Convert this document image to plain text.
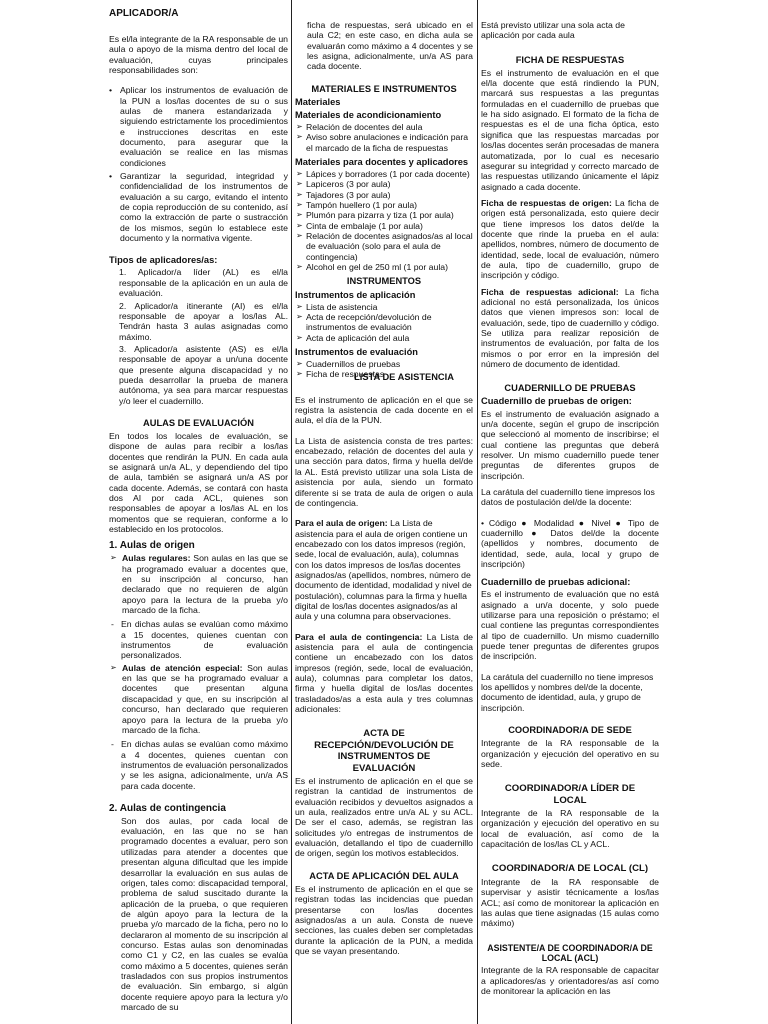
APLICADOR/A

Es el/la integrante de la RA responsable de un aula o apoyo de la misma dentro del local de evaluación, cuyas principales responsabilidades son:

• Aplicar los instrumentos de evaluación de la PUN a los/las docentes de su o sus aulas de manera estandarizada y siguiendo estrictamente los procedimientos e instrucciones descritas en este documento, para asegurar que la evaluación se realice en las mismas condiciones
• Garantizar la seguridad, integridad y confidencialidad de los instrumentos de evaluación a su cargo, evitando el intento de copia reproducción de su contenido, así como la extracción de parte o sustracción de los mismos, según lo establece este documento y la normativa vigente.
Tipos de aplicadores/as:
1. Aplicador/a líder (AL) es el/la responsable de la aplicación en un aula de evaluación.
2. Aplicador/a itinerante (AI) es el/la responsable de apoyar a los/las AL. Tendrán hasta 3 aulas asignadas como máximo.
3. Aplicador/a asistente (AS) es el/la responsable de apoyar a un/una docente que presente alguna discapacidad y no pueda desarrollar la prueba de manera autónoma, ya sea para marcar respuestas y/o leer el cuadernillo.
AULAS DE EVALUACIÓN

En todos los locales de evaluación, se dispone de aulas para recibir a los/las docentes que rendirán la PUN. En cada aula se asignará un/a AL, y dependiendo del tipo de aula, también se asignará un/a AS por cada docente. Además, se contará con hasta dos AI por cada ACL, quienes son responsables de apoyar a los/las AL en los momentos que se requieran, conforme a lo establecido en los protocolos.

1. Aulas de origen
➢ Aulas regulares: Son aulas en las que se ha programado evaluar a docentes que, en su inscripción al concurso, han declarado que no requieren de algún apoyo para la lectura de la prueba y/o marcado de la ficha.
- En dichas aulas se evalúan como máximo a 15 docentes, quienes cuentan con instrumentos de evaluación personalizados.
➢ Aulas de atención especial: Son aulas en las que se ha programado evaluar a docentes que presentan alguna discapacidad y que, en su inscripción al concurso, han declarado que requieren apoyo para la lectura de la prueba y/o marcado de la ficha.
- En dichas aulas se evalúan como máximo a 4 docentes, quienes cuentan con instrumentos de evaluación personalizados y se les asigna, adicionalmente, un/a AS para cada docente.
2. Aulas de contingencia

Son dos aulas, por cada local de evaluación, en las que no se han programado docentes a evaluar, pero son utilizadas para atender a docentes que presentan alguna dificultad que les impide desarrollar la evaluación en sus aulas de origen, tales como: discapacidad temporal, problema de salud suscitado durante la aplicación de la prueba, o que requieren de algún apoyo para la lectura de la prueba y/o marcado de la ficha, pero no lo declararon al momento de su inscripción al concurso. Estas aulas son denominadas como C1 y C2, en las cuales se evalúa como máximo a 5 docentes, quienes serán trasladados con sus propios instrumentos de evaluación. Sin embargo, si algún docente requiere apoyo para la lectura y/o marcado de su

ficha de respuestas, será ubicado en el aula C2; en este caso, en dicha aula se evaluarán como máximo a 4 docentes y se les asigna, adicionalmente, un/a AS para cada docente.

MATERIALES E INSTRUMENTOS
Materiales
Materiales de acondicionamiento
➢ Relación de docentes del aula
➢ Aviso sobre anulaciones e indicación para el marcado de la ficha de respuestas
Materiales para docentes y aplicadores
➢ Lápices y borradores (1 por cada docente)
➢ Lapiceros (3 por aula)
➢ Tajadores (3 por aula)
➢ Tampón huellero (1 por aula)
➢ Plumón para pizarra y tiza (1 por aula)
➢ Cinta de embalaje (1 por aula)
➢ Relación de docentes asignados/as al local de evaluación (solo para el aula de contingencia)
➢ Alcohol en gel de 250 ml (1 por aula)
INSTRUMENTOS
Instrumentos de aplicación
➢ Lista de asistencia
➢ Acta de recepción/devolución de instrumentos de evaluación
➢ Acta de aplicación del aula
Instrumentos de evaluación
➢ Cuadernillos de pruebas
➢ Ficha de respuestas
LISTA DE ASISTENCIA

Es el instrumento de aplicación en el que se registra la asistencia de cada docente en el aula, el día de la PUN.

La Lista de asistencia consta de tres partes: encabezado, relación de docentes del aula y una sección para datos, firma y huella del/de la AL. Está previsto utilizar una sola Lista de asistencia por aula, siendo un formato diferente si se trata de aula de origen o aula de contingencia.

Para el aula de origen: La Lista de asistencia para el aula de origen contiene un encabezado con los datos impresos (región, sede, local de evaluación, aula), columnas con los datos impresos de los/las docentes asignados/as (apellidos, nombres, número de documento de identidad, modalidad y nivel de postulación), columnas para la firma y huella digital de los/las docentes asignados/as al aula y una columna para observaciones.

Para el aula de contingencia: La Lista de asistencia para el aula de contingencia contiene un encabezado con los datos impresos (región, sede, local de evaluación, aula), columnas para completar los datos, firma y huella digital de los/las docentes trasladados/as a esta aula y tres columnas adicionales:

ACTA DE RECEPCIÓN/DEVOLUCIÓN DE INSTRUMENTOS DE EVALUACIÓN

Es el instrumento de aplicación en el que se registran la cantidad de instrumentos de evaluación recibidos y devueltos asignados a un aula, realizados entre un/a AL y su ACL. De ser el caso, además, se registran las solicitudes y/o entregas de instrumentos de evaluación, detallando el tipo de cuadernillo de origen, según los motivos establecidos.

ACTA DE APLICACIÓN DEL AULA

Es el instrumento de aplicación en el que se registran todas las incidencias que puedan presentarse con los/las docentes asignados/as a un aula. Consta de nueve secciones, las cuales deben ser completadas durante la aplicación de la PUN, a medida que se vayan presentando.

Está previsto utilizar una sola acta de aplicación por cada aula

FICHA DE RESPUESTAS

Es el instrumento de evaluación en el que el/la docente que está rindiendo la PUN, marcará sus respuestas a las preguntas formuladas en el cuadernillo de pruebas que le ha sido asignado. El formato de la ficha de respuestas es el de una ficha óptica, esto significa que las respuestas marcadas por los/las docentes serán procesadas de manera automatizada, por lo cual es necesario asegurar su integridad y correcto marcado de las respuestas utilizando únicamente el lápiz asignado a cada docente.

Ficha de respuestas de origen: La ficha de origen está personalizada, esto quiere decir que tiene impresos los datos del/de la docente que rinde la prueba en el aula: apellidos, nombres, número de documento de identidad, sede, local de evaluación, número de aula, tipo de cuadernillo, grupo de inscripción y código.

Ficha de respuestas adicional: La ficha adicional no está personalizada, los únicos datos que vienen impresos son: local de evaluación, sede, tipo de cuadernillo y código. Se utiliza para realizar reposición de instrumentos de evaluación, por falta de los mismos o por error en la impresión del número de documento de identidad.

CUADERNILLO DE PRUEBAS
Cuadernillo de pruebas de origen:

Es el instrumento de evaluación asignado a un/a docente, según el grupo de inscripción que seleccionó al momento de inscribirse; el cual contiene las preguntas que deberá resolver. Un mismo cuadernillo puede tener preguntas de diferentes grupos de inscripción.

La carátula del cuadernillo tiene impresos los datos de postulación del/de la docente:

• Código ● Modalidad ● Nivel ● Tipo de cuadernillo ● Datos del/de la docente (apellidos y nombres, documento de identidad, sede, aula, local y grupo de inscripción)

Cuadernillo de pruebas adicional:

Es el instrumento de evaluación que no está asignado a un/a docente, y solo puede utilizarse para una reposición o préstamo; el cual contiene las preguntas correspondientes al tipo de cuadernillo. Un mismo cuadernillo puede tener preguntas de diferentes grupos de inscripción.

La carátula del cuadernillo no tiene impresos los apellidos y nombres del/de la docente, documento de identidad, aula, y grupo de inscripción.

COORDINADOR/A DE SEDE

Integrante de la RA responsable de la organización y ejecución del operativo en su sede.

COORDINADOR/A LÍDER DE LOCAL

Integrante de la RA responsable de la organización y ejecución del operativo en su local de evaluación, así como de la capacitación de los/las CL y ACL.

COORDINADOR/A DE LOCAL (CL)

Integrante de la RA responsable de supervisar y asistir técnicamente a los/las ACL; así como de monitorear la aplicación en las aulas que tiene asignadas (15 aulas como máximo)

ASISTENTE/A DE COORDINADOR/A DE LOCAL (ACL)

Integrante de la RA responsable de capacitar a aplicadores/as y orientadores/as así como de monitorear la aplicación en las
